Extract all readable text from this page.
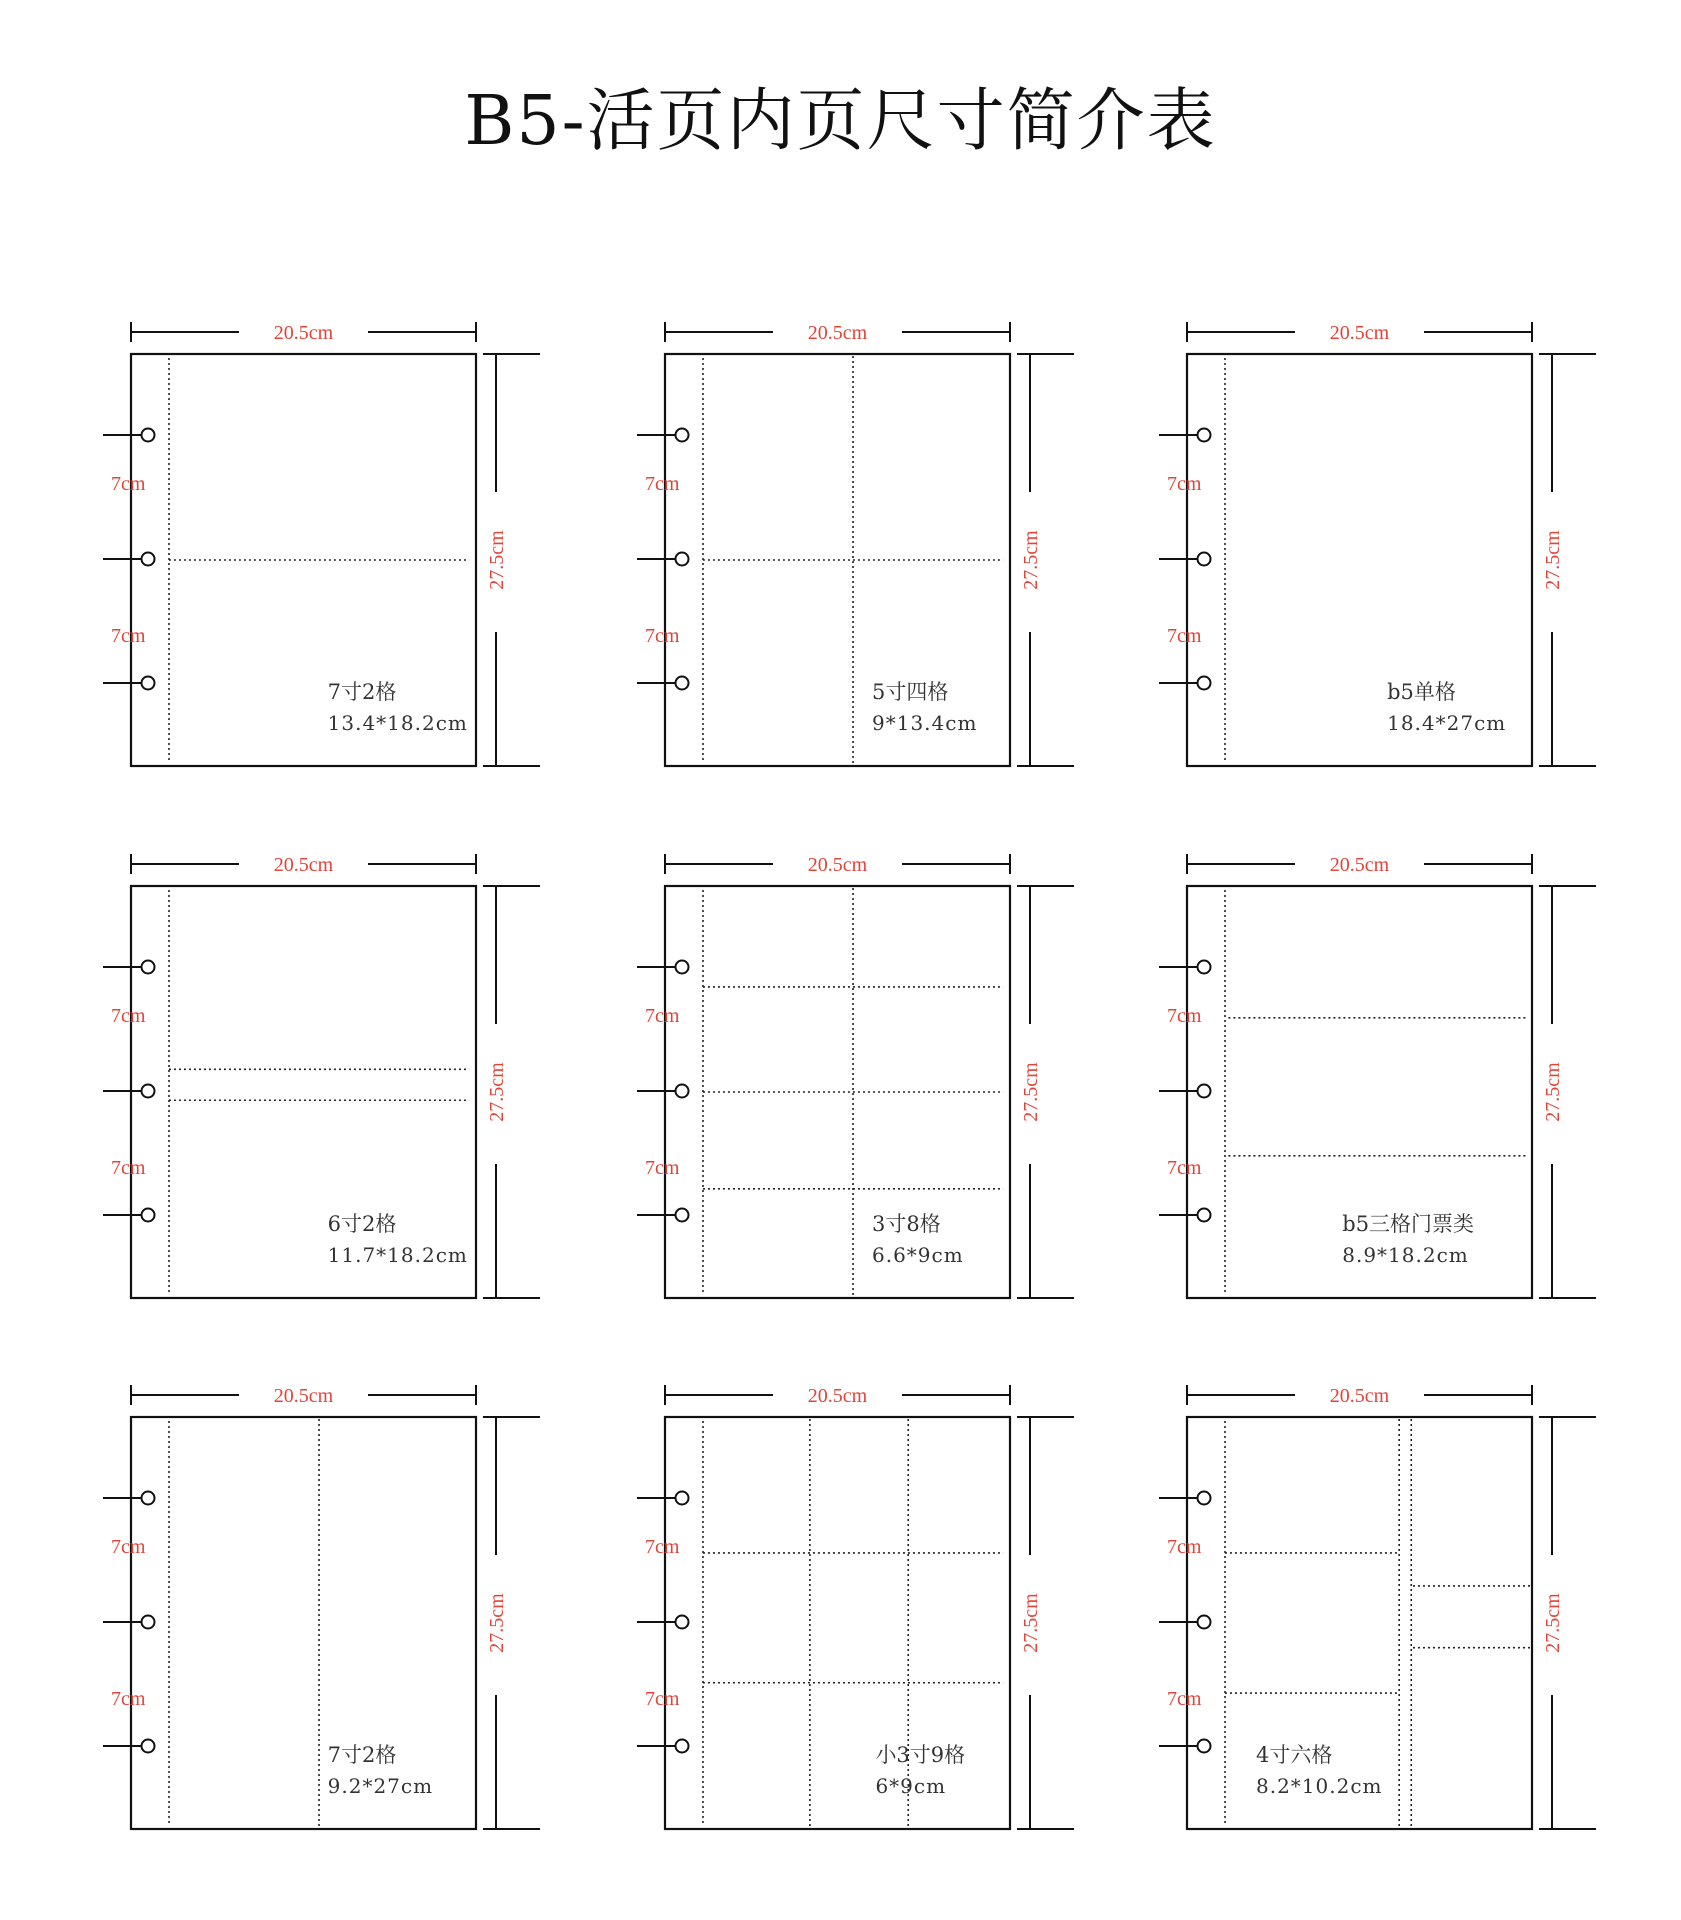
B5-活页内页尺寸简介表
20.5cm
27.5cm
7cm
7cm
7寸2格
13.4*18.2cm
20.5cm
27.5cm
7cm
7cm
5寸四格
9*13.4cm
20.5cm
27.5cm
7cm
7cm
b5单格
18.4*27cm
20.5cm
27.5cm
7cm
7cm
6寸2格
11.7*18.2cm
20.5cm
27.5cm
7cm
7cm
3寸8格
6.6*9cm
20.5cm
27.5cm
7cm
7cm
b5三格门票类
8.9*18.2cm
20.5cm
27.5cm
7cm
7cm
7寸2格
9.2*27cm
20.5cm
27.5cm
7cm
7cm
小3寸9格
6*9cm
20.5cm
27.5cm
7cm
7cm
4寸六格
8.2*10.2cm
